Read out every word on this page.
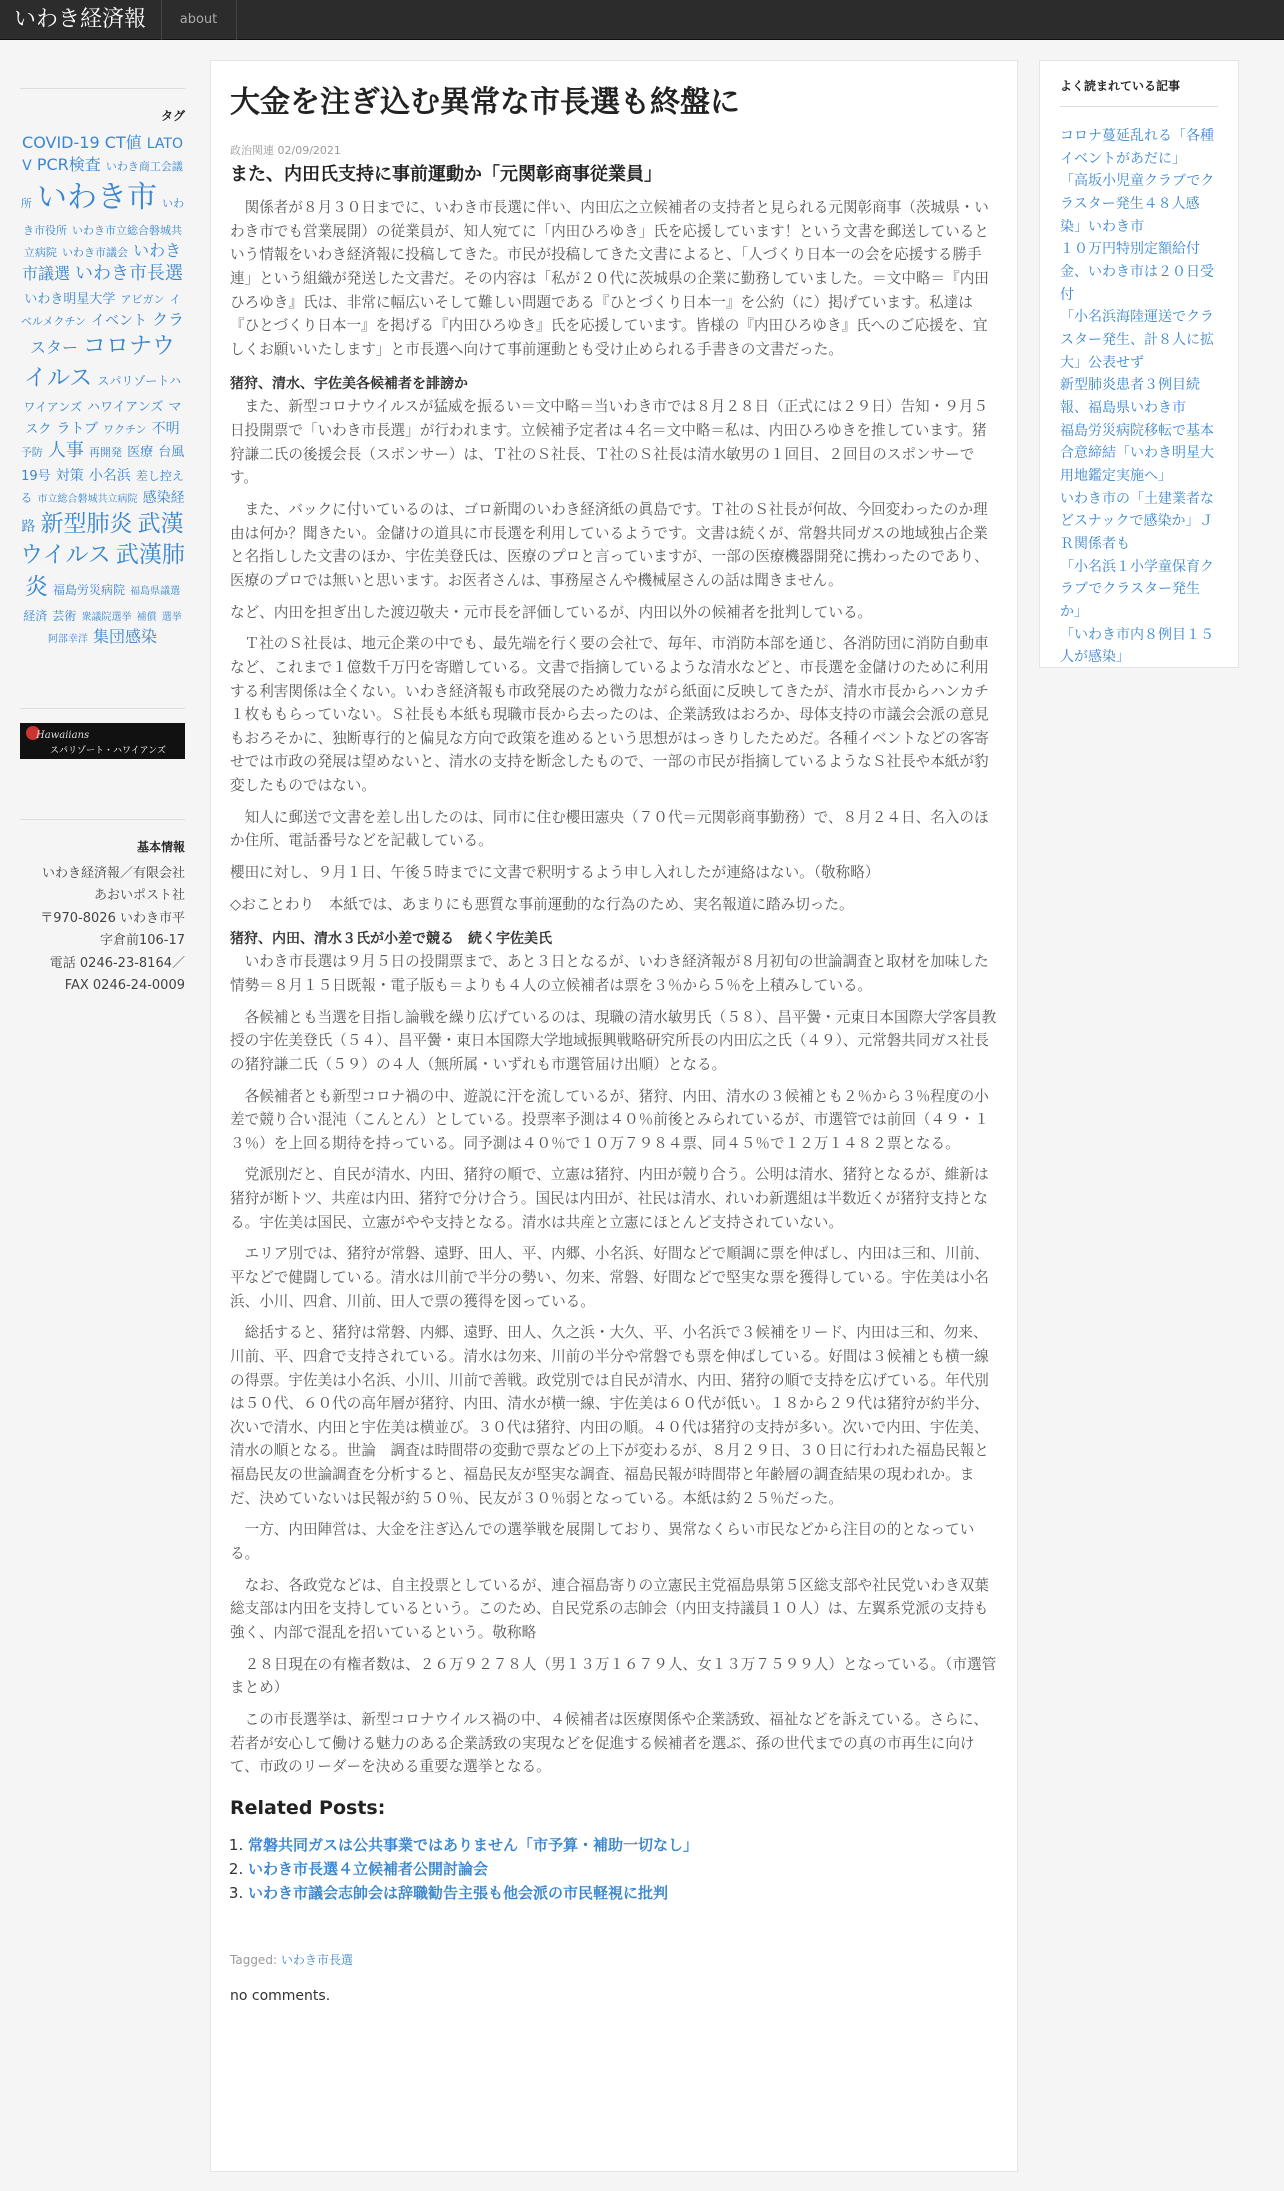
いわき経済報	about
タグ
COVID-19 CT値 LATOV PCR検査 いわき商工会議所 いわき市 いわき市役所 いわき市立総合磐城共立病院 いわき市議会 いわき市議選 いわき市長選 いわき明星大学 アビガン イベルメクチン イベント クラスター コロナウイルス スパリゾートハワイアンズ ハワイアンズ マスク ラトブ ワクチン 不明 予防 人事 再開発 医療 台風19号 対策 小名浜 差し控える 市立総合磐城共立病院 感染経路 新型肺炎 武漢ウイルス 武漢肺炎 福島労災病院 福島県議選 経済 芸術 衆議院選挙 補償 選挙 阿部幸洋 集団感染
Hawaiians
スパリゾート・ハワイアンズ
基本情報
いわき経済報／有限会社
あおいポスト社
〒970-8026 いわき市平
字倉前106-17
電話 0246-23-8164／
FAX 0246-24-0009
大金を注ぎ込む異常な市長選も終盤に
政治関連 02/09/2021
また、内田氏支持に事前運動か「元関彰商事従業員」
関係者が８月３０日までに、いわき市長選に伴い、内田広之立候補者の支持者と見られる元関彰商事（茨城県・いわき市でも営業展開）の従業員が、知人宛てに「内田ひろゆき」氏を応援しています！という文書を郵送しているという情報をいわき経済報に投稿してきた。市民が投稿してきた文書によると、「人づくり日本一の会を応援する勝手連」という組織が発送した文書だ。その内容は「私が２０代に茨城県の企業に勤務していました。＝文中略＝『内田ひろゆき』氏は、非常に幅広いそして難しい問題である『ひとづくり日本一』を公約（に）掲げています。私達は『ひとづくり日本一』を掲げる『内田ひろゆき』氏を応援しています。皆様の『内田ひろゆき』氏へのご応援を、宜しくお願いいたします」と市長選へ向けて事前運動とも受け止められる手書きの文書だった。
猪狩、清水、宇佐美各候補者を誹謗か
また、新型コロナウイルスが猛威を振るい＝文中略＝当いわき市では８月２８日（正式には２９日）告知・９月５日投開票で「いわき市長選」が行われます。立候補予定者は４名＝文中略＝私は、内田ひろゆきを推しています。猪狩謙二氏の後援会長（スポンサー）は、Ｔ社のＳ社長、Ｔ社のＳ社長は清水敏男の１回目、２回目のスポンサーです。
また、バックに付いているのは、ゴロ新聞のいわき経済紙の眞島です。Ｔ社のＳ社長が何故、今回変わったのか理由は何か？聞きたい。金儲けの道具に市長選を利用しているようです。文書は続くが、常磐共同ガスの地域独占企業と名指しした文書のほか、宇佐美登氏は、医療のプロと言っていますが、一部の医療機器開発に携わったのであり、医療のプロでは無いと思います。お医者さんは、事務屋さんや機械屋さんの話は聞きません。
など、内田を担ぎ出した渡辺敬夫・元市長を評価しているが、内田以外の候補者を批判している。
Ｔ社のＳ社長は、地元企業の中でも、最先端を行く要の会社で、毎年、市消防本部を通じ、各消防団に消防自動車など、これまで１億数千万円を寄贈している。文書で指摘しているような清水などと、市長選を金儲けのために利用する利害関係は全くない。いわき経済報も市政発展のため微力ながら紙面に反映してきたが、清水市長からハンカチ１枚ももらっていない。Ｓ社長も本紙も現職市長から去ったのは、企業誘致はおろか、母体支持の市議会会派の意見もおろそかに、独断専行的と偏見な方向で政策を進めるという思想がはっきりしたためだ。各種イベントなどの客寄せでは市政の発展は望めないと、清水の支持を断念したもので、一部の市民が指摘しているようなＳ社長や本紙が豹変したものではない。
知人に郵送で文書を差し出したのは、同市に住む櫻田憲央（７０代＝元関彰商事勤務）で、８月２４日、名入のほか住所、電話番号などを記載している。
櫻田に対し、９月１日、午後５時までに文書で釈明するよう申し入れしたが連絡はない。（敬称略）
◇おことわり　本紙では、あまりにも悪質な事前運動的な行為のため、実名報道に踏み切った。
猪狩、内田、清水３氏が小差で競る　続く宇佐美氏
いわき市長選は９月５日の投開票まで、あと３日となるが、いわき経済報が８月初旬の世論調査と取材を加味した情勢＝８月１５日既報・電子版も＝よりも４人の立候補者は票を３％から５％を上積みしている。
各候補とも当選を目指し論戦を繰り広げているのは、現職の清水敏男氏（５８）、昌平黌・元東日本国際大学客員教授の宇佐美登氏（５４）、昌平黌・東日本国際大学地域振興戦略研究所長の内田広之氏（４９）、元常磐共同ガス社長の猪狩謙二氏（５９）の４人（無所属・いずれも市選管届け出順）となる。
各候補者とも新型コロナ禍の中、遊説に汗を流しているが、猪狩、内田、清水の３候補とも２％から３％程度の小差で競り合い混沌（こんとん）としている。投票率予測は４０％前後とみられているが、市選管では前回（４９・１３％）を上回る期待を持っている。同予測は４０％で１０万７９８４票、同４５％で１２万１４８２票となる。
党派別だと、自民が清水、内田、猪狩の順で、立憲は猪狩、内田が競り合う。公明は清水、猪狩となるが、維新は猪狩が断トツ、共産は内田、猪狩で分け合う。国民は内田が、社民は清水、れいわ新選組は半数近くが猪狩支持となる。宇佐美は国民、立憲がやや支持となる。清水は共産と立憲にほとんど支持されていない。
エリア別では、猪狩が常磐、遠野、田人、平、内郷、小名浜、好間などで順調に票を伸ばし、内田は三和、川前、平などで健闘している。清水は川前で半分の勢い、勿来、常磐、好間などで堅実な票を獲得している。宇佐美は小名浜、小川、四倉、川前、田人で票の獲得を図っている。
総括すると、猪狩は常磐、内郷、遠野、田人、久之浜・大久、平、小名浜で３候補をリード、内田は三和、勿来、川前、平、四倉で支持されている。清水は勿来、川前の半分や常磐でも票を伸ばしている。好間は３候補とも横一線の得票。宇佐美は小名浜、小川、川前で善戦。政党別では自民が清水、内田、猪狩の順で支持を広げている。年代別は５０代、６０代の高年層が猪狩、内田、清水が横一線、宇佐美は６０代が低い。１８から２９代は猪狩が約半分、次いで清水、内田と宇佐美は横並び。３０代は猪狩、内田の順。４０代は猪狩の支持が多い。次いで内田、宇佐美、清水の順となる。世論　調査は時間帯の変動で票などの上下が変わるが、８月２９日、３０日に行われた福島民報と福島民友の世論調査を分析すると、福島民友が堅実な調査、福島民報が時間帯と年齢層の調査結果の現われか。まだ、決めていないは民報が約５０％、民友が３０％弱となっている。本紙は約２５％だった。
一方、内田陣営は、大金を注ぎ込んでの選挙戦を展開しており、異常なくらい市民などから注目の的となっている。
なお、各政党などは、自主投票としているが、連合福島寄りの立憲民主党福島県第５区総支部や社民党いわき双葉総支部は内田を支持しているという。このため、自民党系の志帥会（内田支持議員１０人）は、左翼系党派の支持も強く、内部で混乱を招いているという。敬称略
２８日現在の有権者数は、２６万９２７８人（男１３万１６７９人、女１３万７５９９人）となっている。（市選管まとめ）
この市長選挙は、新型コロナウイルス禍の中、４候補者は医療関係や企業誘致、福祉などを訴えている。さらに、若者が安心して働ける魅力のある企業誘致の実現などを促進する候補者を選ぶ、孫の世代までの真の市再生に向けて、市政のリーダーを決める重要な選挙となる。
Related Posts:
1. 常磐共同ガスは公共事業ではありません「市予算・補助一切なし」
2. いわき市長選４立候補者公開討論会
3. いわき市議会志帥会は辞職勧告主張も他会派の市民軽視に批判
Tagged: いわき市長選
no comments.
よく読まれている記事
コロナ蔓延乱れる「各種イベントがあだに」
「高坂小児童クラブでクラスター発生４８人感染」いわき市
１０万円特別定額給付金、いわき市は２０日受付
「小名浜海陸運送でクラスター発生、計８人に拡大」公表せず
新型肺炎患者３例目続報、福島県いわき市
福島労災病院移転で基本合意締結「いわき明星大用地鑑定実施へ」
いわき市の「土建業者などスナックで感染か」ＪＲ関係者も
「小名浜１小学童保育クラブでクラスター発生か」
「いわき市内８例目１５人が感染」
